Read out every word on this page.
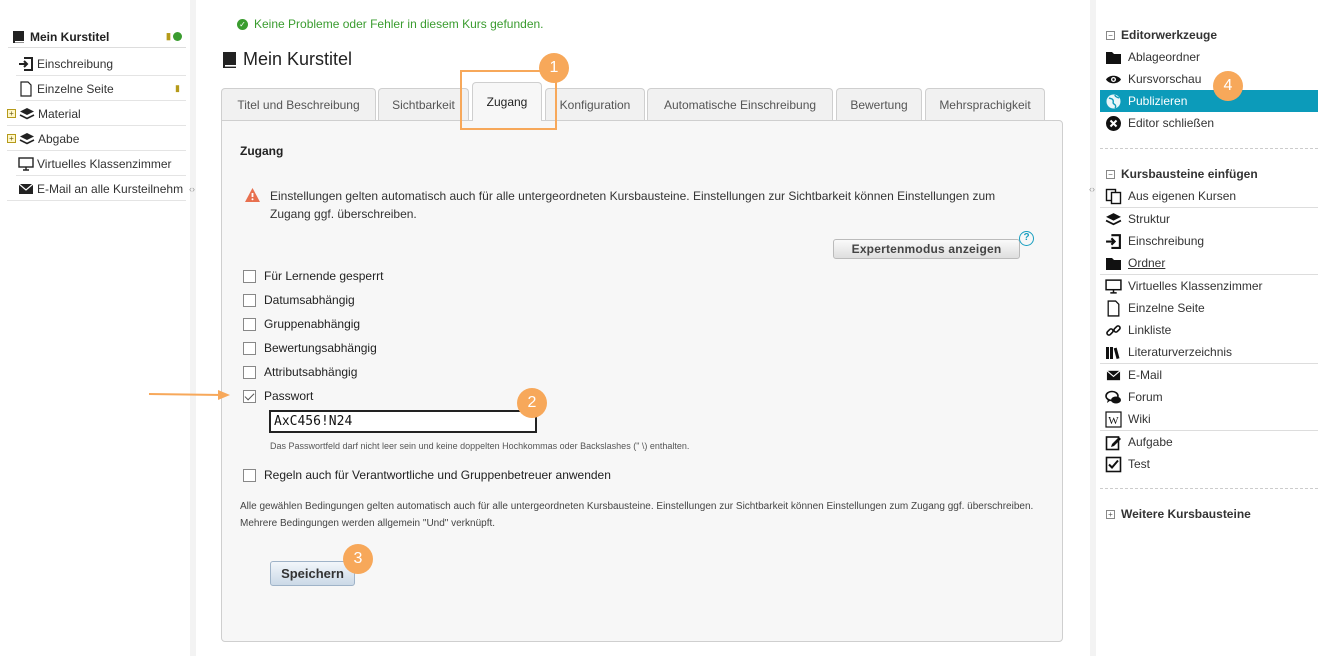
Mein Kurstitel	▮
Einschreibung
Einzelne Seite	▮
+ Material
+ Abgabe
Virtuelles Klassenzimmer
E-Mail an alle Kursteilnehm ‹›
✓ Keine Probleme oder Fehler in diesem Kurs gefunden.
Mein Kurstitel
Titel und Beschreibung	Sichtbarkeit	Zugang	Konfiguration	Automatische Einschreibung	Bewertung	Mehrsprachigkeit
Zugang
Einstellungen gelten automatisch auch für alle untergeordneten Kursbausteine. Einstellungen zur Sichtbarkeit können Einstellungen zum Zugang ggf. überschreiben.
Expertenmodus anzeigen
?
Für Lernende gesperrt
Datumsabhängig
Gruppenabhängig
Bewertungsabhängig
Attributsabhängig
Passwort
AxC456!N24
Das Passwortfeld darf nicht leer sein und keine doppelten Hochkommas oder Backslashes (" \) enthalten.
Regeln auch für Verantwortliche und Gruppenbetreuer anwenden
Alle gewählen Bedingungen gelten automatisch auch für alle untergeordneten Kursbausteine. Einstellungen zur Sichtbarkeit können Einstellungen zum Zugang ggf. überschreiben. Mehrere Bedingungen werden allgemein "Und" verknüpft.
Speichern
1
2
3
4
‹›
− Editorwerkzeuge
Ablageordner
Kursvorschau
Publizieren
Editor schließen
− Kursbausteine einfügen
Aus eigenen Kursen
Struktur
Einschreibung
Ordner
Virtuelles Klassenzimmer
Einzelne Seite
Linkliste
Literaturverzeichnis
E-Mail
Forum
W Wiki
Aufgabe
Test
+ Weitere Kursbausteine
